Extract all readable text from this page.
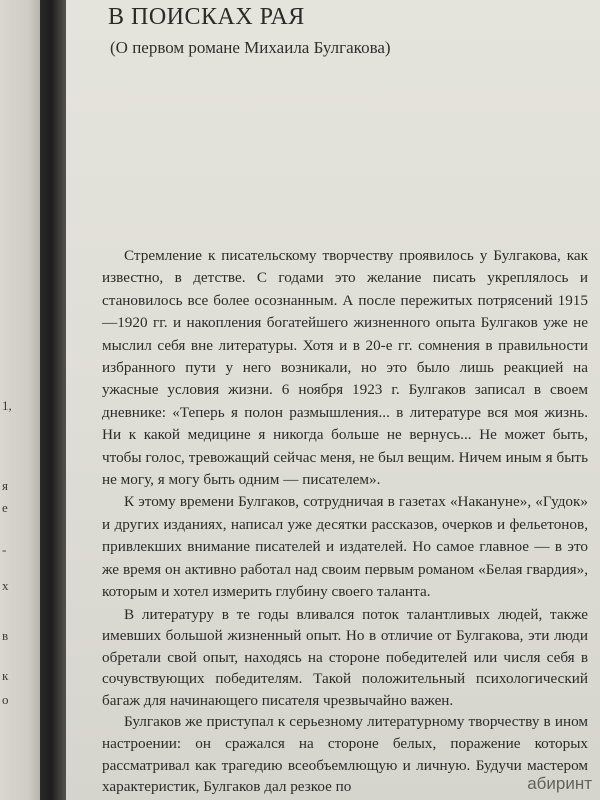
1,
я
е
-
х
в
к
о
В ПОИСКАХ РАЯ

(О первом романе Михаила Булгакова)

Стремление к писательскому творчеству проявилось у Булгакова, как известно, в детстве. С годами это желание писать укреплялось и становилось все более осознанным. А после пережитых потрясений 1915—1920 гг. и накопления богатейшего жизненного опыта Булгаков уже не мыслил себя вне литературы. Хотя и в 20-е гг. сомнения в правильности избранного пути у него возникали, но это было лишь реакцией на ужасные условия жизни. 6 ноября 1923 г. Булгаков записал в своем дневнике: «Теперь я полон размышления... в литературе вся моя жизнь. Ни к какой медицине я никогда больше не вернусь... Не может быть, чтобы голос, тревожащий сейчас меня, не был вещим. Ничем иным я быть не могу, я могу быть одним — писателем».

К этому времени Булгаков, сотрудничая в газетах «Накануне», «Гудок» и других изданиях, написал уже десятки рассказов, очерков и фельетонов, привлекших внимание писателей и издателей. Но самое главное — в это же время он активно работал над своим первым романом «Белая гвардия», которым и хотел измерить глубину своего таланта.

В литературу в те годы вливался поток талантливых людей, также имевших большой жизненный опыт. Но в отличие от Булгакова, эти люди обретали свой опыт, находясь на стороне победителей или числя себя в сочувствующих победителям. Такой положительный психологический багаж для начинающего писателя чрезвычайно важен.

Булгаков же приступал к серьезному литературному творчеству в ином настроении: он сражался на стороне белых, поражение которых рассматривал как трагедию всеобъемлющую и личную. Будучи мастером характеристик, Булгаков дал резкое по	абиринт
